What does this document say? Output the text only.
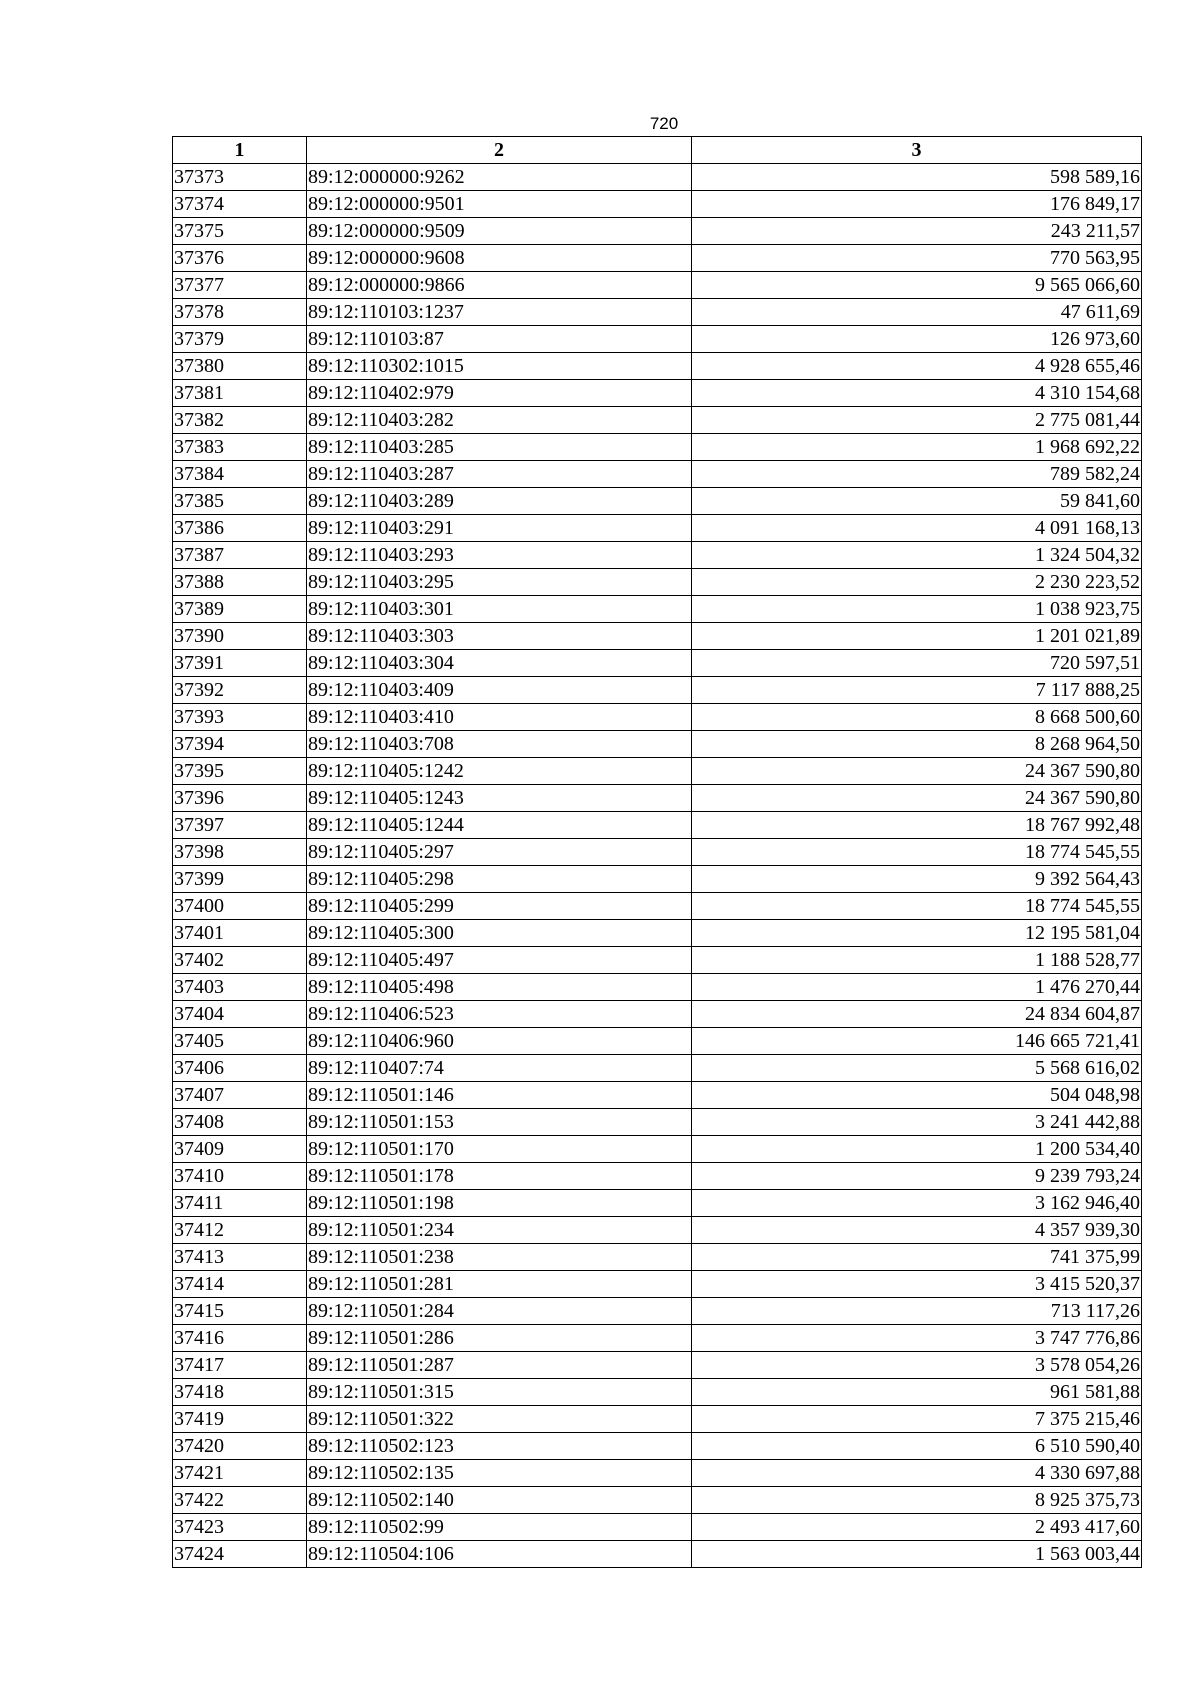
720
1	2	3
37373	89:12:000000:9262	598 589,16
37374	89:12:000000:9501	176 849,17
37375	89:12:000000:9509	243 211,57
37376	89:12:000000:9608	770 563,95
37377	89:12:000000:9866	9 565 066,60
37378	89:12:110103:1237	47 611,69
37379	89:12:110103:87	126 973,60
37380	89:12:110302:1015	4 928 655,46
37381	89:12:110402:979	4 310 154,68
37382	89:12:110403:282	2 775 081,44
37383	89:12:110403:285	1 968 692,22
37384	89:12:110403:287	789 582,24
37385	89:12:110403:289	59 841,60
37386	89:12:110403:291	4 091 168,13
37387	89:12:110403:293	1 324 504,32
37388	89:12:110403:295	2 230 223,52
37389	89:12:110403:301	1 038 923,75
37390	89:12:110403:303	1 201 021,89
37391	89:12:110403:304	720 597,51
37392	89:12:110403:409	7 117 888,25
37393	89:12:110403:410	8 668 500,60
37394	89:12:110403:708	8 268 964,50
37395	89:12:110405:1242	24 367 590,80
37396	89:12:110405:1243	24 367 590,80
37397	89:12:110405:1244	18 767 992,48
37398	89:12:110405:297	18 774 545,55
37399	89:12:110405:298	9 392 564,43
37400	89:12:110405:299	18 774 545,55
37401	89:12:110405:300	12 195 581,04
37402	89:12:110405:497	1 188 528,77
37403	89:12:110405:498	1 476 270,44
37404	89:12:110406:523	24 834 604,87
37405	89:12:110406:960	146 665 721,41
37406	89:12:110407:74	5 568 616,02
37407	89:12:110501:146	504 048,98
37408	89:12:110501:153	3 241 442,88
37409	89:12:110501:170	1 200 534,40
37410	89:12:110501:178	9 239 793,24
37411	89:12:110501:198	3 162 946,40
37412	89:12:110501:234	4 357 939,30
37413	89:12:110501:238	741 375,99
37414	89:12:110501:281	3 415 520,37
37415	89:12:110501:284	713 117,26
37416	89:12:110501:286	3 747 776,86
37417	89:12:110501:287	3 578 054,26
37418	89:12:110501:315	961 581,88
37419	89:12:110501:322	7 375 215,46
37420	89:12:110502:123	6 510 590,40
37421	89:12:110502:135	4 330 697,88
37422	89:12:110502:140	8 925 375,73
37423	89:12:110502:99	2 493 417,60
37424	89:12:110504:106	1 563 003,44
